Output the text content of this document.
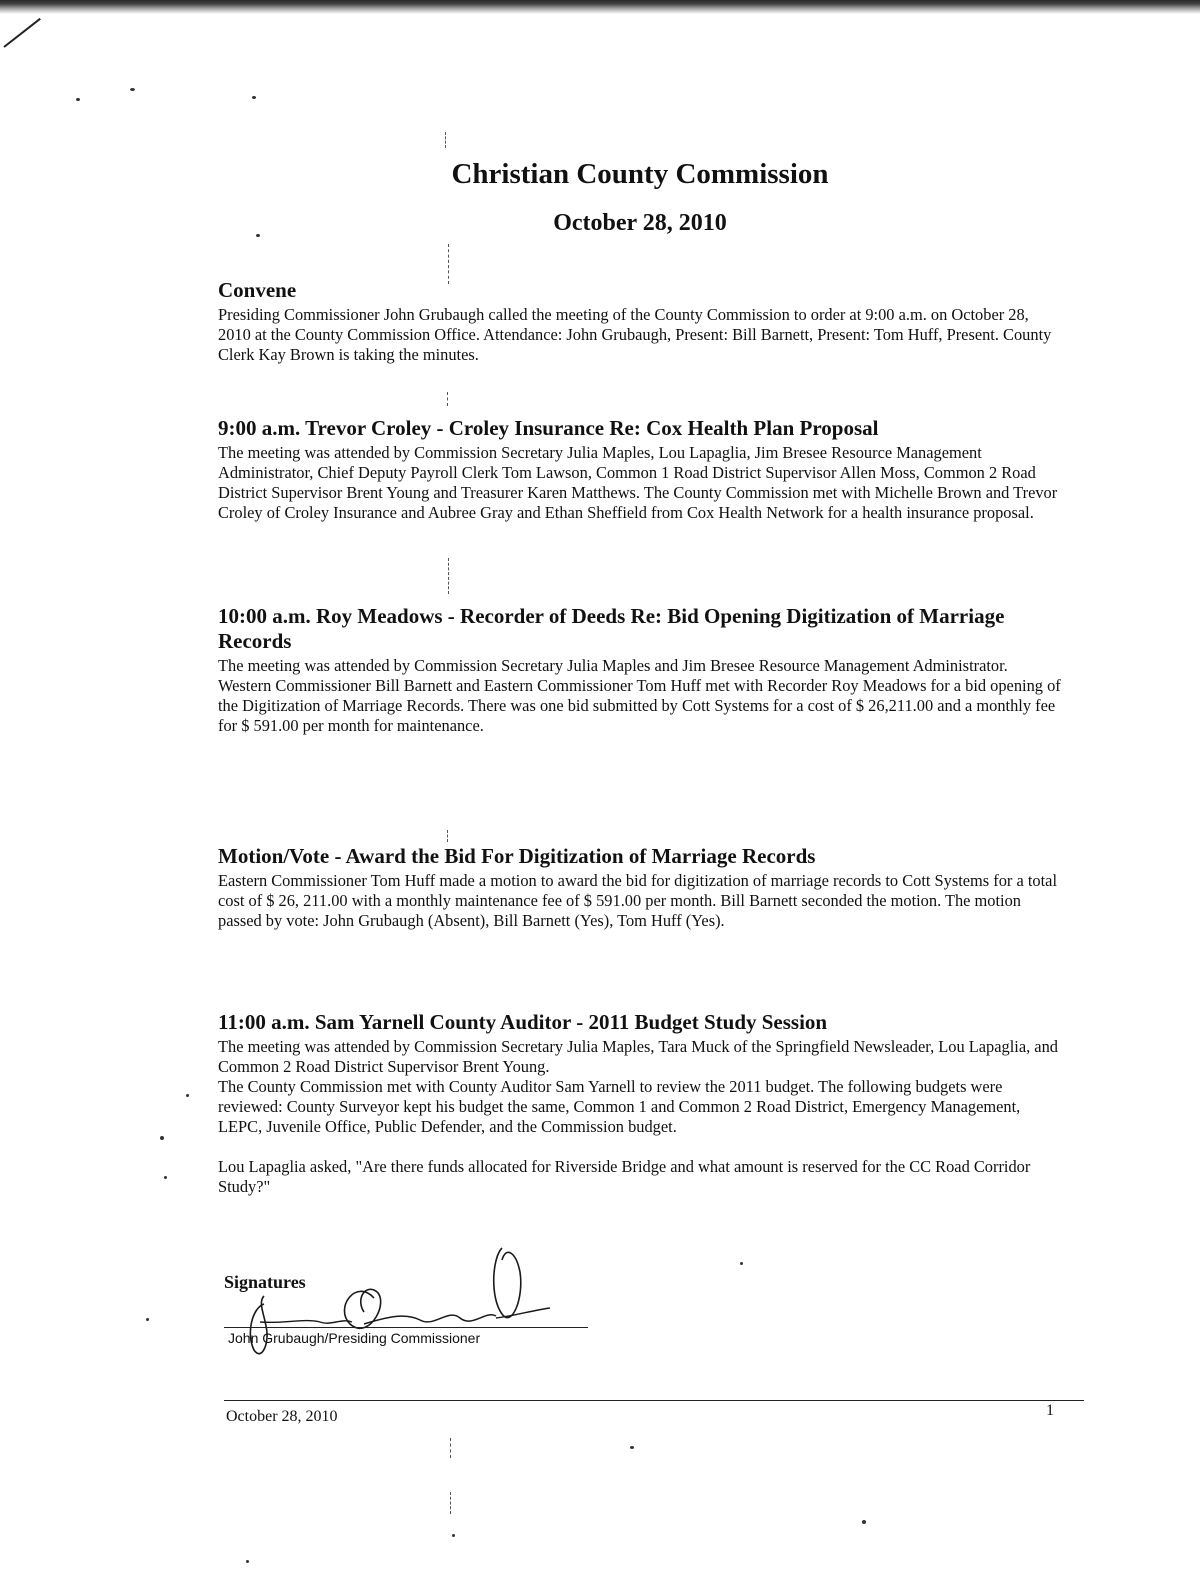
Christian County Commission
October 28, 2010
Convene

Presiding Commissioner John Grubaugh called the meeting of the County Commission to order at 9:00 a.m. on October 28, 2010 at the County Commission Office. Attendance: John Grubaugh, Present: Bill Barnett, Present: Tom Huff, Present. County Clerk Kay Brown is taking the minutes.

9:00 a.m. Trevor Croley - Croley Insurance Re: Cox Health Plan Proposal

The meeting was attended by Commission Secretary Julia Maples, Lou Lapaglia, Jim Bresee Resource Management Administrator, Chief Deputy Payroll Clerk Tom Lawson, Common 1 Road District Supervisor Allen Moss, Common 2 Road District Supervisor Brent Young and Treasurer Karen Matthews. The County Commission met with Michelle Brown and Trevor Croley of Croley Insurance and Aubree Gray and Ethan Sheffield from Cox Health Network for a health insurance proposal.

10:00 a.m. Roy Meadows - Recorder of Deeds Re: Bid Opening Digitization of Marriage Records

The meeting was attended by Commission Secretary Julia Maples and Jim Bresee Resource Management Administrator.

Western Commissioner Bill Barnett and Eastern Commissioner Tom Huff met with Recorder Roy Meadows for a bid opening of the Digitization of Marriage Records. There was one bid submitted by Cott Systems for a cost of $ 26,211.00 and a monthly fee for $ 591.00 per month for maintenance.

Motion/Vote - Award the Bid For Digitization of Marriage Records

Eastern Commissioner Tom Huff made a motion to award the bid for digitization of marriage records to Cott Systems for a total cost of $ 26, 211.00 with a monthly maintenance fee of $ 591.00 per month. Bill Barnett seconded the motion. The motion passed by vote: John Grubaugh (Absent), Bill Barnett (Yes), Tom Huff (Yes).

11:00 a.m. Sam Yarnell County Auditor - 2011 Budget Study Session

The meeting was attended by Commission Secretary Julia Maples, Tara Muck of the Springfield Newsleader, Lou Lapaglia, and Common 2 Road District Supervisor Brent Young.

The County Commission met with County Auditor Sam Yarnell to review the 2011 budget. The following budgets were reviewed: County Surveyor kept his budget the same, Common 1 and Common 2 Road District, Emergency Management, LEPC, Juvenile Office, Public Defender, and the Commission budget.

Lou Lapaglia asked, "Are there funds allocated for Riverside Bridge and what amount is reserved for the CC Road Corridor Study?"

Signatures
John Grubaugh/Presiding Commissioner
October 28, 2010	1
